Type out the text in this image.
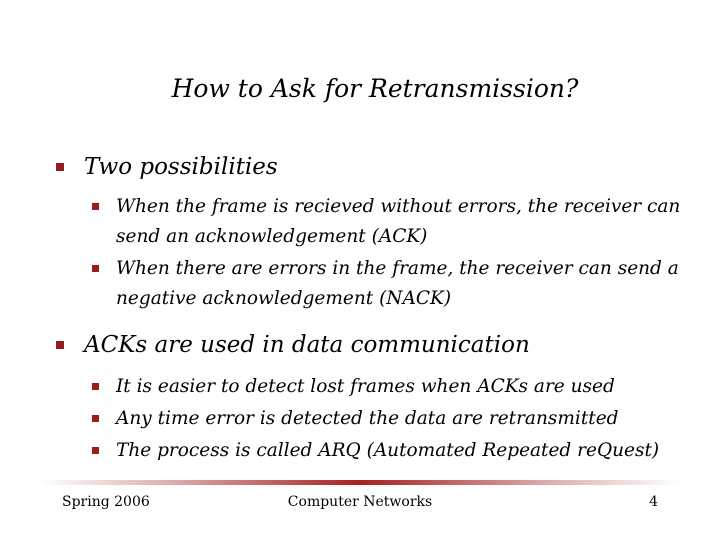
How to Ask for Retransmission?
Two possibilities
When the frame is recieved without errors, the receiver can send an acknowledgement (ACK)
When there are errors in the frame, the receiver can send a negative acknowledgement (NACK)
ACKs are used in data communication
It is easier to detect lost frames when ACKs are used
Any time error is detected the data are retransmitted
The process is called ARQ (Automated Repeated reQuest)
Spring 2006	Computer Networks	4
